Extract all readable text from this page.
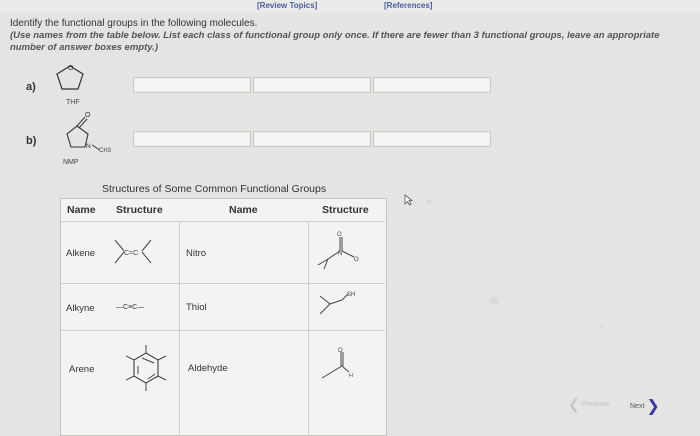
[Review Topics]	[References]
Identify the functional groups in the following molecules.
(Use names from the table below. List each class of functional group only once. If there are fewer than 3 functional groups, leave an appropriate number of answer boxes empty.)
a)
O
THF
b)
O
N
CH3
NMP
Structures of Some Common Functional Groups
Name Structure	Name	Structure
Alkene	C=C	Nitro
O
O
N
Alkyne	—C≡C—	Thiol
SH
Arene	Aldehyde
O
H
❮ Previous	Next ❯
